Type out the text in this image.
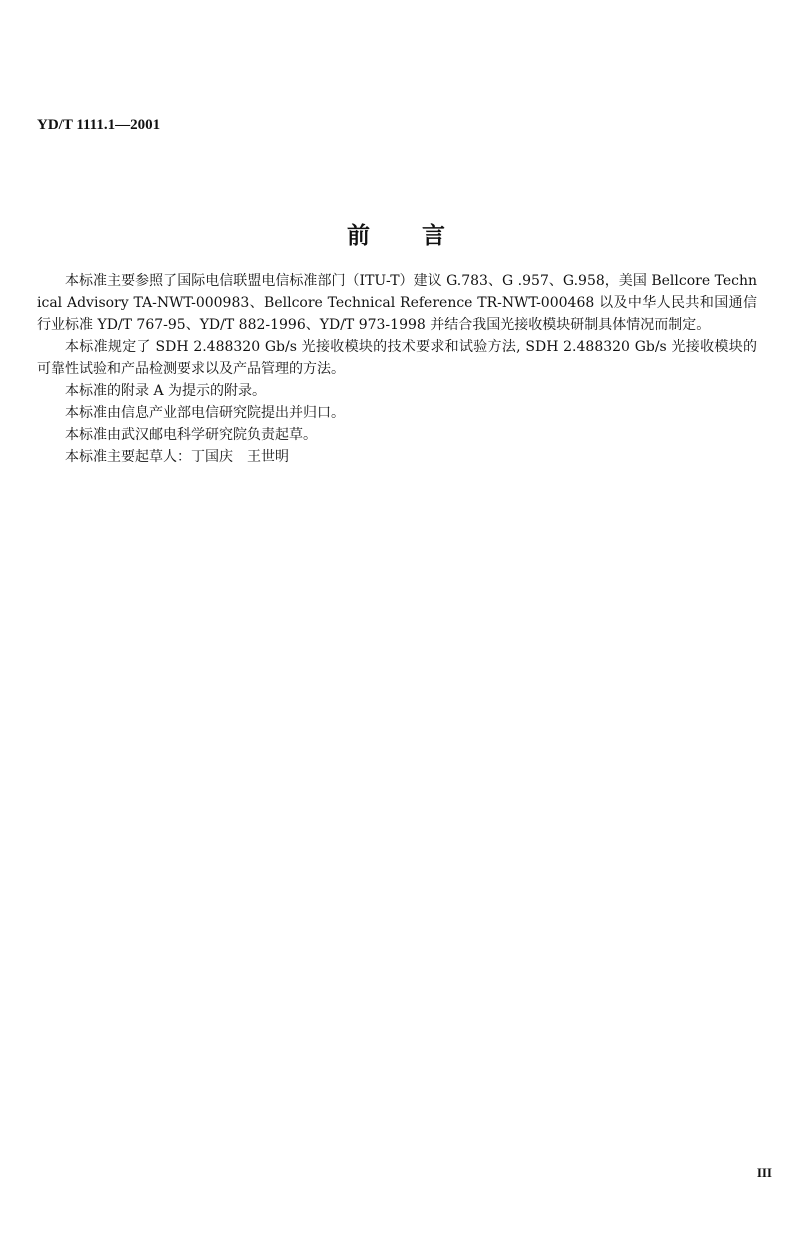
YD/T 1111.1—2001
前 言

本标准主要参照了国际电信联盟电信标准部门（ITU-T）建议 G.783、G .957、G.958，美国 Bellcore Technical Advisory TA-NWT-000983、Bellcore Technical Reference TR-NWT-000468 以及中华人民共和国通信行业标准 YD/T 767-95、YD/T 882-1996、YD/T 973-1998 并结合我国光接收模块研制具体情况而制定。

本标准规定了 SDH 2.488320 Gb/s 光接收模块的技术要求和试验方法, SDH 2.488320 Gb/s 光接收模块的可靠性试验和产品检测要求以及产品管理的方法。

本标准的附录 A 为提示的附录。

本标准由信息产业部电信研究院提出并归口。

本标准由武汉邮电科学研究院负责起草。

本标准主要起草人：丁国庆　王世明

III
